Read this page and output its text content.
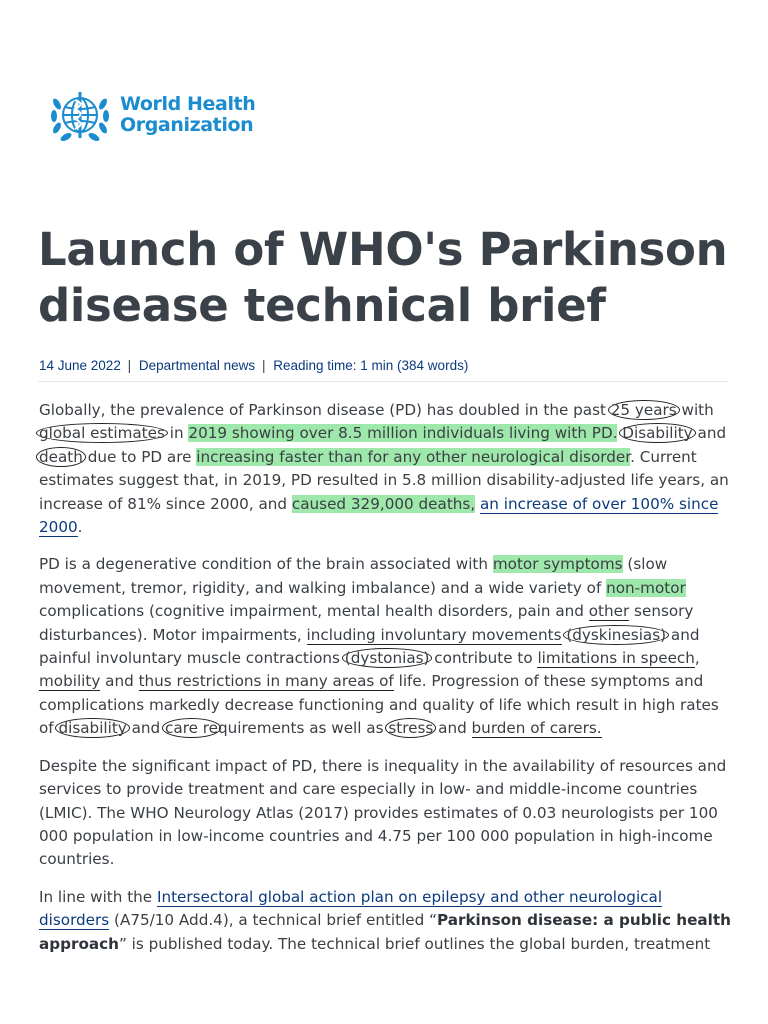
World Health
Organization
Launch of WHO's Parkinson disease technical brief
14 June 2022 | Departmental news | Reading time: 1 min (384 words)

Globally, the prevalence of Parkinson disease (PD) has doubled in the past 25 years with global estimates in 2019 showing over 8.5 million individuals living with PD. Disability and death due to PD are increasing faster than for any other neurological disorder. Current estimates suggest that, in 2019, PD resulted in 5.8 million disability-adjusted life years, an increase of 81% since 2000, and caused 329,000 deaths, an increase of over 100% since 2000.

PD is a degenerative condition of the brain associated with motor symptoms (slow movement, tremor, rigidity, and walking imbalance) and a wide variety of non-motor complications (cognitive impairment, mental health disorders, pain and other sensory disturbances). Motor impairments, including involuntary movements (dyskinesias) and painful involuntary muscle contractions (dystonias) contribute to limitations in speech, mobility and thus restrictions in many areas of life. Progression of these symptoms and complications markedly decrease functioning and quality of life which result in high rates of disability and care requirements as well as stress and burden of carers.

Despite the significant impact of PD, there is inequality in the availability of resources and services to provide treatment and care especially in low- and middle-income countries (LMIC). The WHO Neurology Atlas (2017) provides estimates of 0.03 neurologists per 100 000 population in low-income countries and 4.75 per 100 000 population in high-income countries.

In line with the Intersectoral global action plan on epilepsy and other neurological disorders (A75/10 Add.4), a technical brief entitled “Parkinson disease: a public health approach” is published today. The technical brief outlines the global burden, treatment
